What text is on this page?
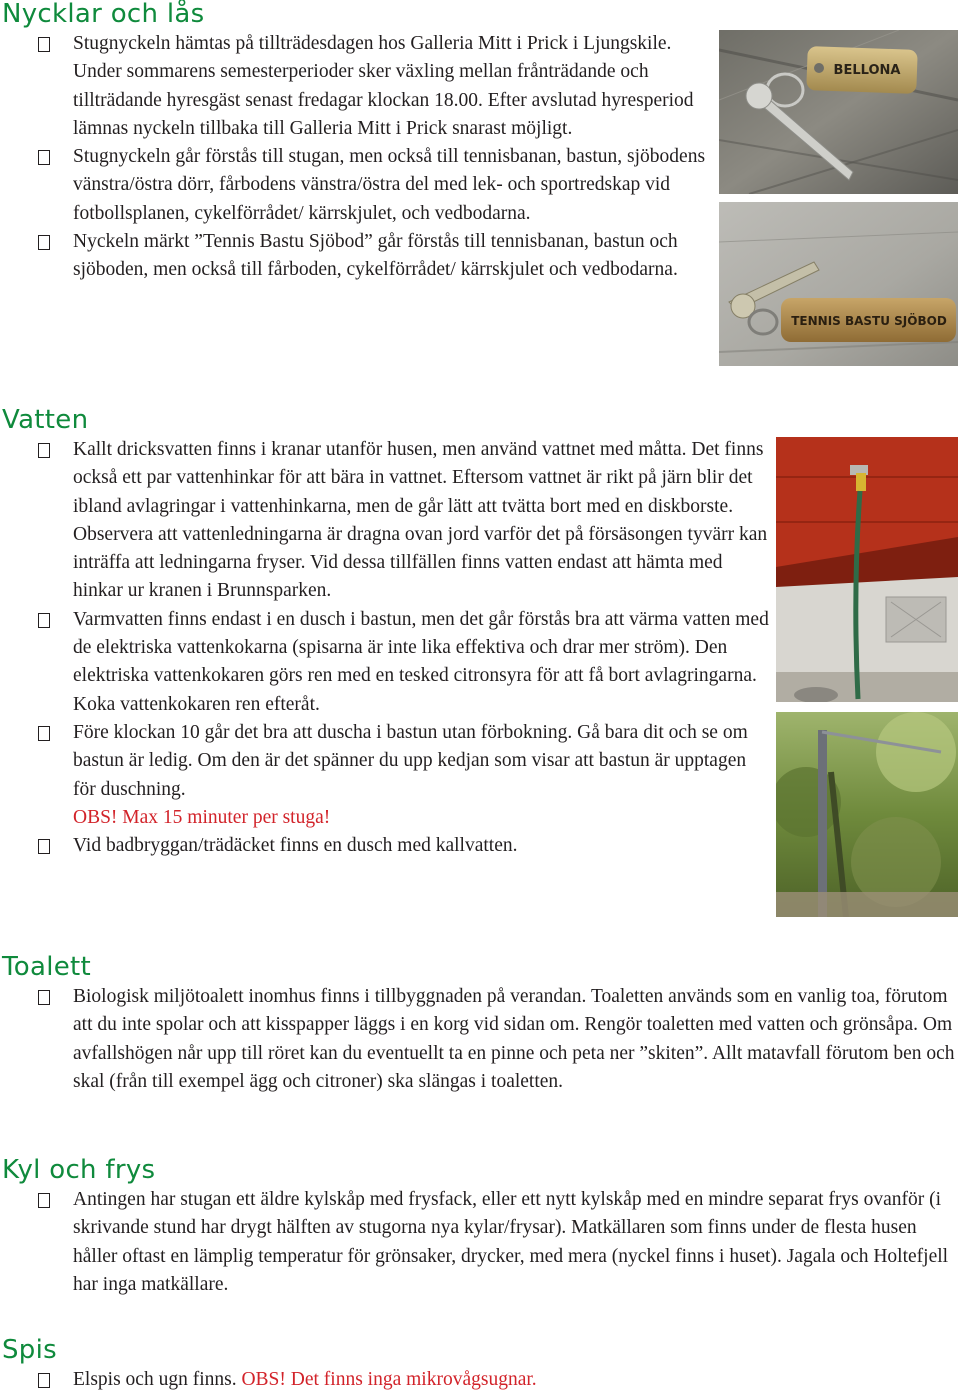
Nycklar och lås
Stugnyckeln hämtas på tillträdesdagen hos Galleria Mitt i Prick i Ljungskile. Under sommarens semesterperioder sker växling mellan frånträdande och tillträdande hyresgäst senast fredagar klockan 18.00. Efter avslutad hyresperiod lämnas nyckeln tillbaka till Galleria Mitt i Prick snarast möjligt.
Stugnyckeln går förstås till stugan, men också till tennisbanan, bastun, sjöbodens vänstra/östra dörr, fårbodens vänstra/östra del med lek- och sportredskap vid fotbollsplanen, cykelförrådet/ kärrskjulet, och vedbodarna.
Nyckeln märkt ”Tennis Bastu Sjöbod” går förstås till tennisbanan, bastun och sjöboden, men också till fårboden, cykelförrådet/ kärrskjulet och vedbodarna.
BELLONA
TENNIS BASTU SJÖBOD
Vatten
Kallt dricksvatten finns i kranar utanför husen, men använd vattnet med måtta. Det finns också ett par vattenhinkar för att bära in vattnet. Eftersom vattnet är rikt på järn blir det ibland avlagringar i vattenhinkarna, men de går lätt att tvätta bort med en diskborste. Observera att vattenledningarna är dragna ovan jord varför det på försäsongen tyvärr kan inträffa att ledningarna fryser. Vid dessa tillfällen finns vatten endast att hämta med hinkar ur kranen i Brunnsparken.
Varmvatten finns endast i en dusch i bastun, men det går förstås bra att värma vatten med de elektriska vattenkokarna (spisarna är inte lika effektiva och drar mer ström). Den elektriska vattenkokaren görs ren med en tesked citronsyra för att få bort avlagringarna. Koka vattenkokaren ren efteråt.
Före klockan 10 går det bra att duscha i bastun utan förbokning. Gå bara dit och se om bastun är ledig. Om den är det spänner du upp kedjan som visar att bastun är upptagen för duschning.
OBS! Max 15 minuter per stuga!
Vid badbryggan/trädäcket finns en dusch med kallvatten.
Toalett
Biologisk miljötoalett inomhus finns i tillbyggnaden på verandan. Toaletten används som en vanlig toa, förutom att du inte spolar och att kisspapper läggs i en korg vid sidan om. Rengör toaletten med vatten och grönsåpa. Om avfallshögen når upp till röret kan du eventuellt ta en pinne och peta ner ”skiten”. Allt matavfall förutom ben och skal (från till exempel ägg och citroner) ska slängas i toaletten.
Kyl och frys
Antingen har stugan ett äldre kylskåp med frysfack, eller ett nytt kylskåp med en mindre separat frys ovanför (i skrivande stund har drygt hälften av stugorna nya kylar/frysar). Matkällaren som finns under de flesta husen håller oftast en lämplig temperatur för grönsaker, drycker, med mera (nyckel finns i huset). Jagala och Holtefjell har inga matkällare.
Spis
Elspis och ugn finns. OBS! Det finns inga mikrovågsugnar.
